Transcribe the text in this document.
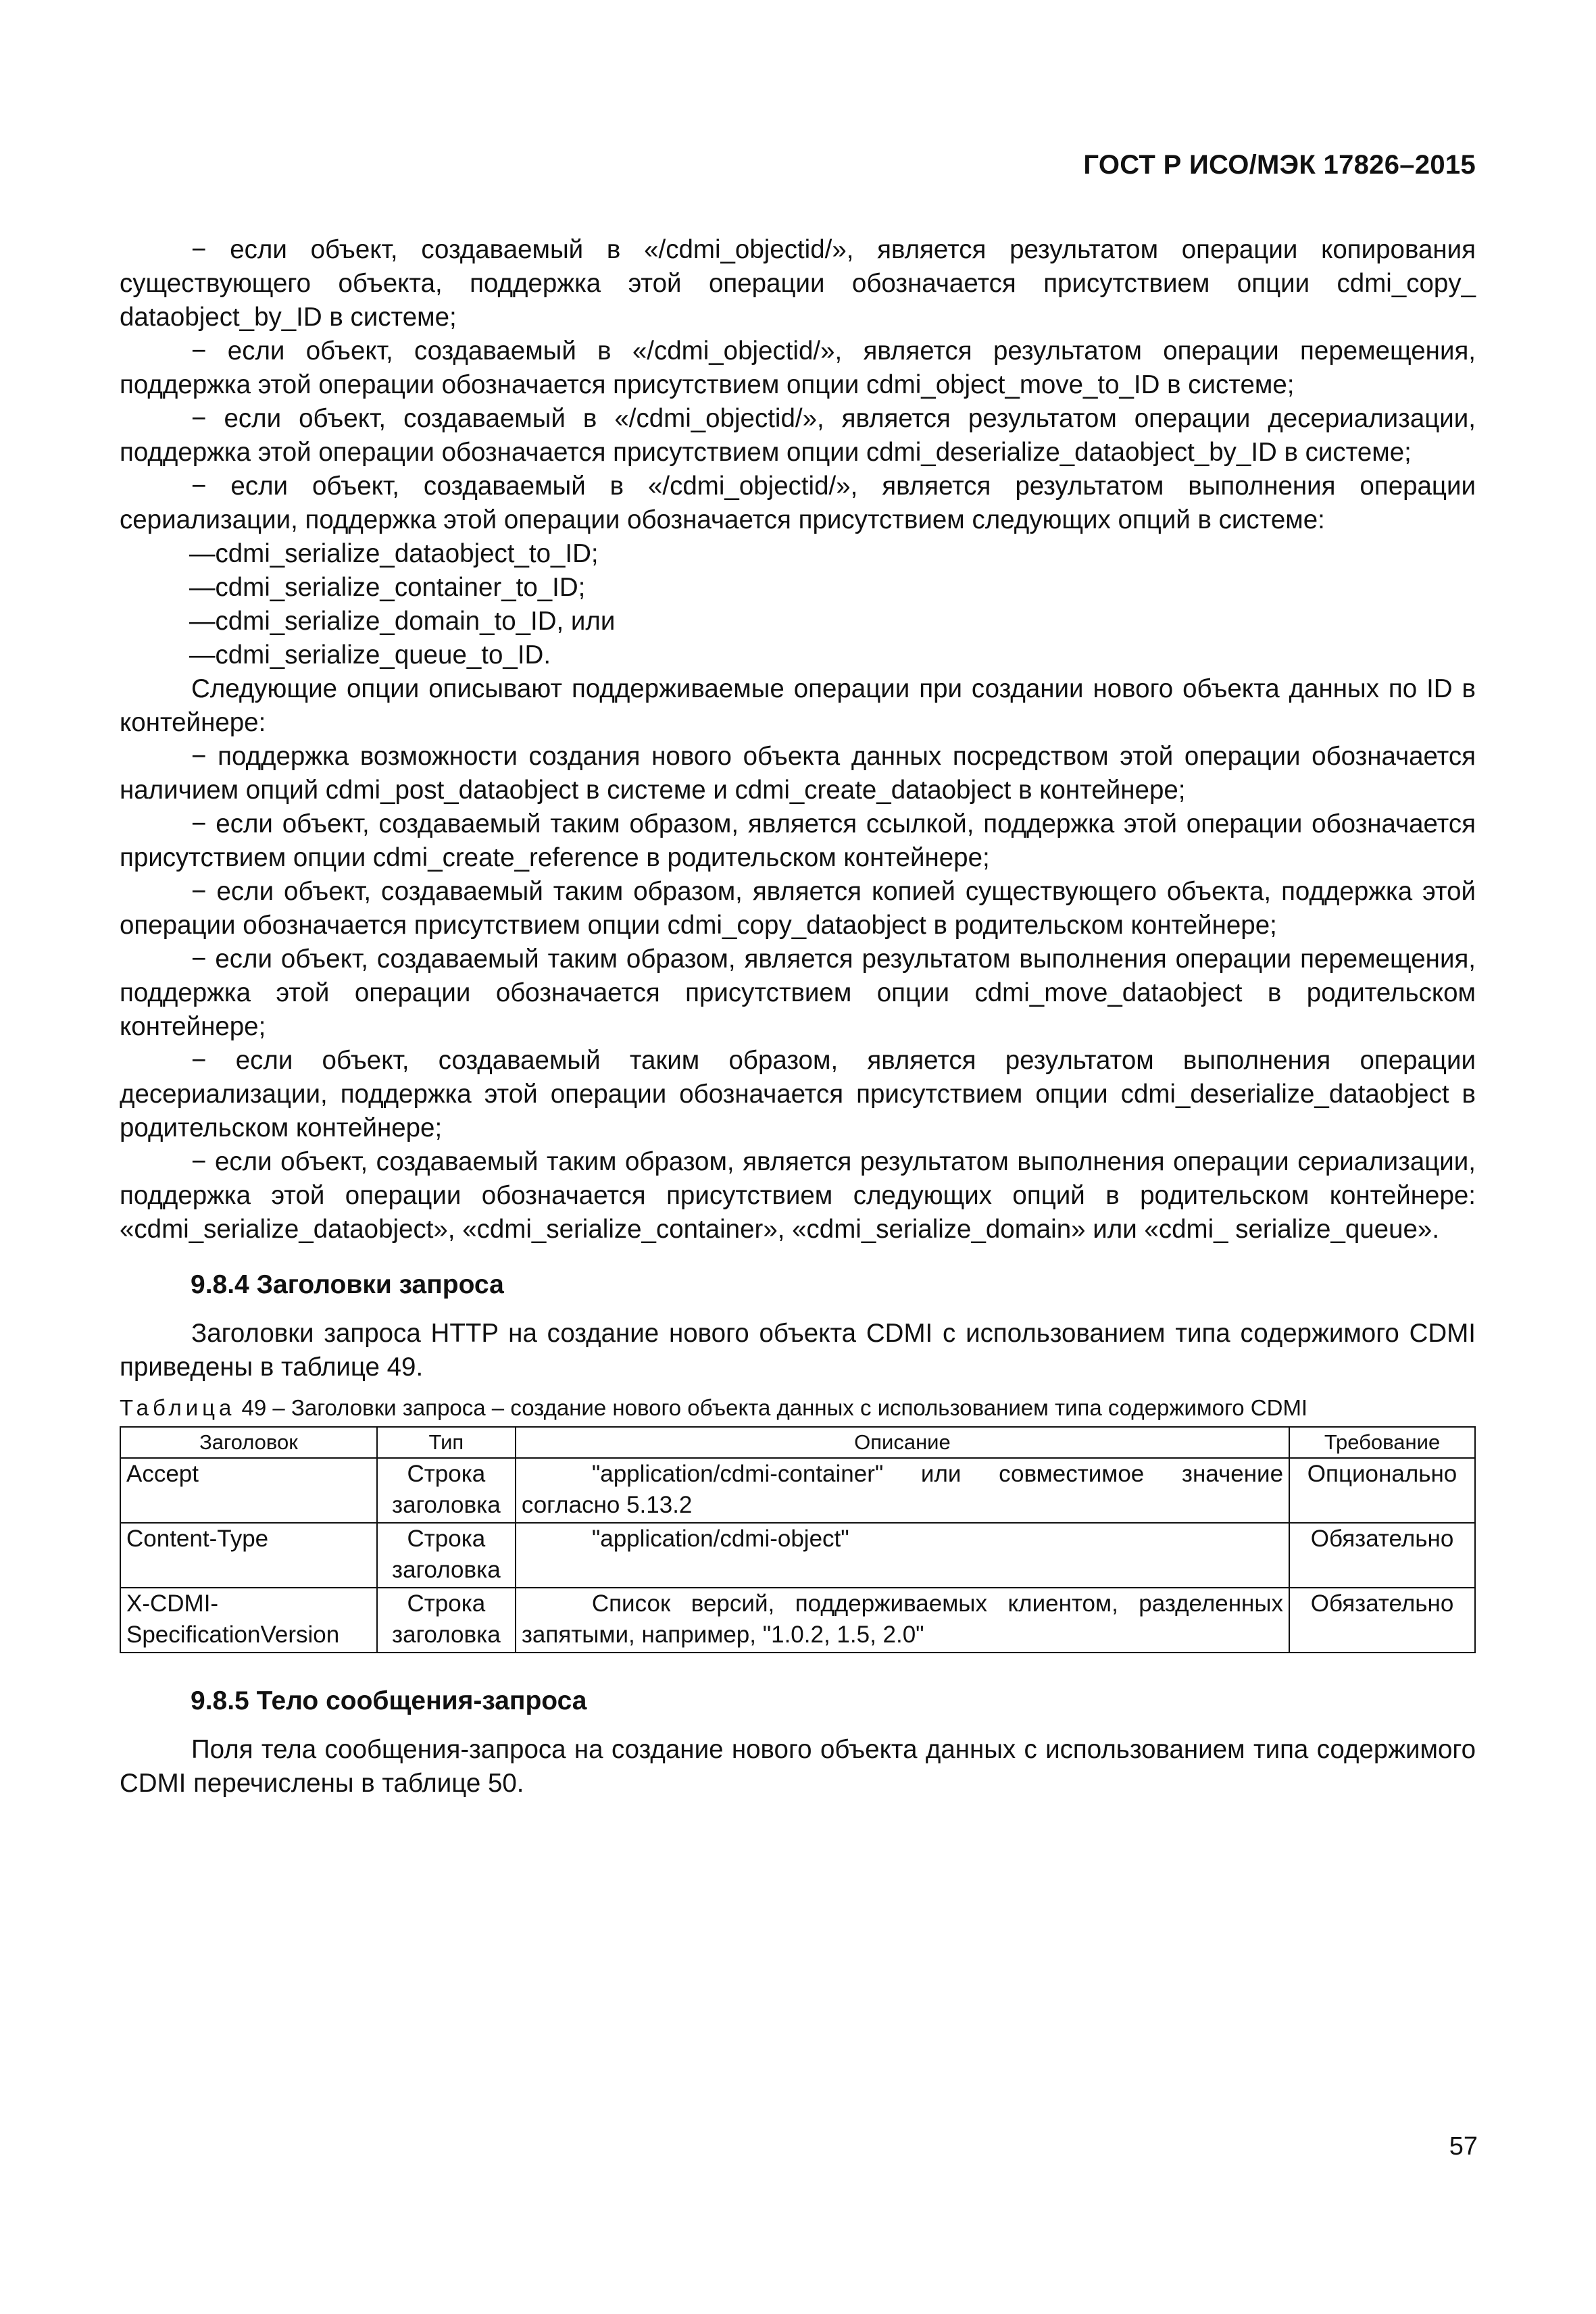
ГОСТ Р ИСО/МЭК 17826–2015

− если объект, создаваемый в «/cdmi_objectid/», является результатом операции копирования существующего объекта, поддержка этой операции обозначается присутствием опции cdmi_copy_ dataobject_by_ID в системе;

− если объект, создаваемый в «/cdmi_objectid/», является результатом операции перемещения, поддержка этой операции обозначается присутствием опции cdmi_object_move_to_ID в системе;

− если объект, создаваемый в «/cdmi_objectid/», является результатом операции десериализации, поддержка этой операции обозначается присутствием опции cdmi_deserialize_dataobject_by_ID в системе;

− если объект, создаваемый в «/cdmi_objectid/», является результатом выполнения операции сериализации, поддержка этой операции обозначается присутствием следующих опций в системе:

—cdmi_serialize_dataobject_to_ID;

—cdmi_serialize_container_to_ID;

—cdmi_serialize_domain_to_ID, или

—cdmi_serialize_queue_to_ID.

Следующие опции описывают поддерживаемые операции при создании нового объекта данных по ID в контейнере:

− поддержка возможности создания нового объекта данных посредством этой операции обозначается наличием опций cdmi_post_dataobject в системе и cdmi_create_dataobject в контейнере;

− если объект, создаваемый таким образом, является ссылкой, поддержка этой операции обозначается присутствием опции cdmi_create_reference в родительском контейнере;

− если объект, создаваемый таким образом, является копией существующего объекта, поддержка этой операции обозначается присутствием опции cdmi_copy_dataobject в родительском контейнере;

− если объект, создаваемый таким образом, является результатом выполнения операции перемещения, поддержка этой операции обозначается присутствием опции cdmi_move_dataobject в родительском контейнере;

− если объект, создаваемый таким образом, является результатом выполнения операции десериализации, поддержка этой операции обозначается присутствием опции cdmi_deserialize_dataobject в родительском контейнере;

− если объект, создаваемый таким образом, является результатом выполнения операции сериализации, поддержка этой операции обозначается присутствием следующих опций в родительском контейнере: «cdmi_serialize_dataobject», «cdmi_serialize_container», «cdmi_serialize_domain» или «cdmi_ serialize_queue».

9.8.4 Заголовки запроса

Заголовки запроса HTTP на создание нового объекта CDMI с использованием типа содержимого CDMI приведены в таблице 49.

Таблица 49 – Заголовки запроса – создание нового объекта данных с использованием типа содержимого CDMI
Заголовок	Тип	Описание	Требование
Accept	Строка заголовка	"application/cdmi-container" или совместимое значение согласно 5.13.2	Опционально
Content-Type	Строка заголовка	"application/cdmi-object"	Обязательно
X-CDMI-SpecificationVersion	Строка заголовка	Список версий, поддерживаемых клиентом, разделенных запятыми, например, "1.0.2, 1.5, 2.0"	Обязательно
9.8.5 Тело сообщения-запроса

Поля тела сообщения-запроса на создание нового объекта данных с использованием типа содержимого CDMI перечислены в таблице 50.

57
